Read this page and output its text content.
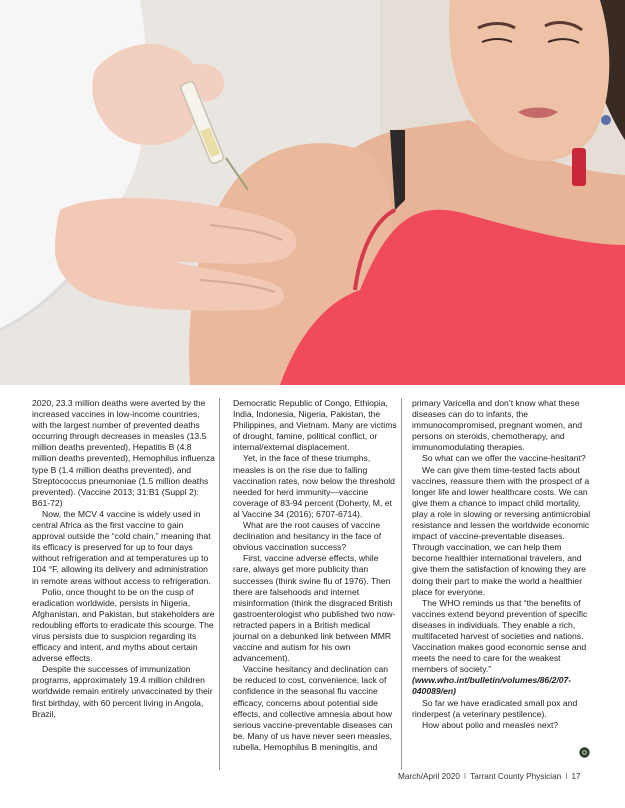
2020, 23.3 million deaths were averted by the increased vaccines in low-income countries, with the largest number of prevented deaths occurring through decreases in measles (13.5 million deaths prevented), Hepatitis B (4.8 million deaths prevented), Hemophilus influenza type B (1.4 million deaths prevented), and Streptococcus pneumoniae (1.5 million deaths prevented). (Vaccine 2013; 31:B1 (Suppl 2): B61-72)

Now, the MCV 4 vaccine is widely used in central Africa as the first vaccine to gain approval outside the “cold chain,” meaning that its efficacy is preserved for up to four days without refrigeration and at temperatures up to 104 °F, allowing its delivery and administration in remote areas without access to refrigeration.

Polio, once thought to be on the cusp of eradication worldwide, persists in Nigeria, Afghanistan, and Pakistan, but stakeholders are redoubling efforts to eradicate this scourge. The virus persists due to suspicion regarding its efficacy and intent, and myths about certain adverse effects.

Despite the successes of immunization programs, approximately 19.4 million children worldwide remain entirely unvaccinated by their first birthday, with 60 percent living in Angola, Brazil,

Democratic Republic of Congo, Ethiopia, India, Indonesia, Nigeria, Pakistan, the Philippines, and Vietnam. Many are victims of drought, famine, political conflict, or internal/external displacement.

Yet, in the face of these triumphs, measles is on the rise due to falling vaccination rates, now below the threshold needed for herd immunity—vaccine coverage of 83-94 percent (Doherty, M, et al Vaccine 34 (2016); 6707-6714).

What are the root causes of vaccine declination and hesitancy in the face of obvious vaccination success?

First, vaccine adverse effects, while rare, always get more publicity than successes (think swine flu of 1976). Then there are falsehoods and internet misinformation (think the disgraced British gastroenterologist who published two now-retracted papers in a British medical journal on a debunked link between MMR vaccine and autism for his own advancement).

Vaccine hesitancy and declination can be reduced to cost, convenience, lack of confidence in the seasonal flu vaccine efficacy, concerns about potential side effects, and collective amnesia about how serious vaccine-preventable diseases can be. Many of us have never seen measles, rubella, Hemophilus B meningitis, and

primary Varicella and don’t know what these diseases can do to infants, the immunocompromised, pregnant women, and persons on steroids, chemotherapy, and immunomodulating therapies.

So what can we offer the vaccine-hesitant?

We can give them time-tested facts about vaccines, reassure them with the prospect of a longer life and lower healthcare costs. We can give them a chance to impact child mortality, play a role in slowing or reversing antimicrobial resistance and lessen the worldwide economic impact of vaccine-preventable diseases. Through vaccination, we can help them become healthier international travelers, and give them the satisfaction of knowing they are doing their part to make the world a healthier place for everyone.

The WHO reminds us that “the benefits of vaccines extend beyond prevention of specific diseases in individuals. They enable a rich, multifaceted harvest of societies and nations. Vaccination makes good economic sense and meets the need to care for the weakest members of society.” (www.who.int/bulletin/volumes/86/2/07-040089/en)

So far we have eradicated small pox and rinderpest (a veterinary pestilence).

How about polio and measles next?

March/April 2020 I Tarrant County Physician I 17
